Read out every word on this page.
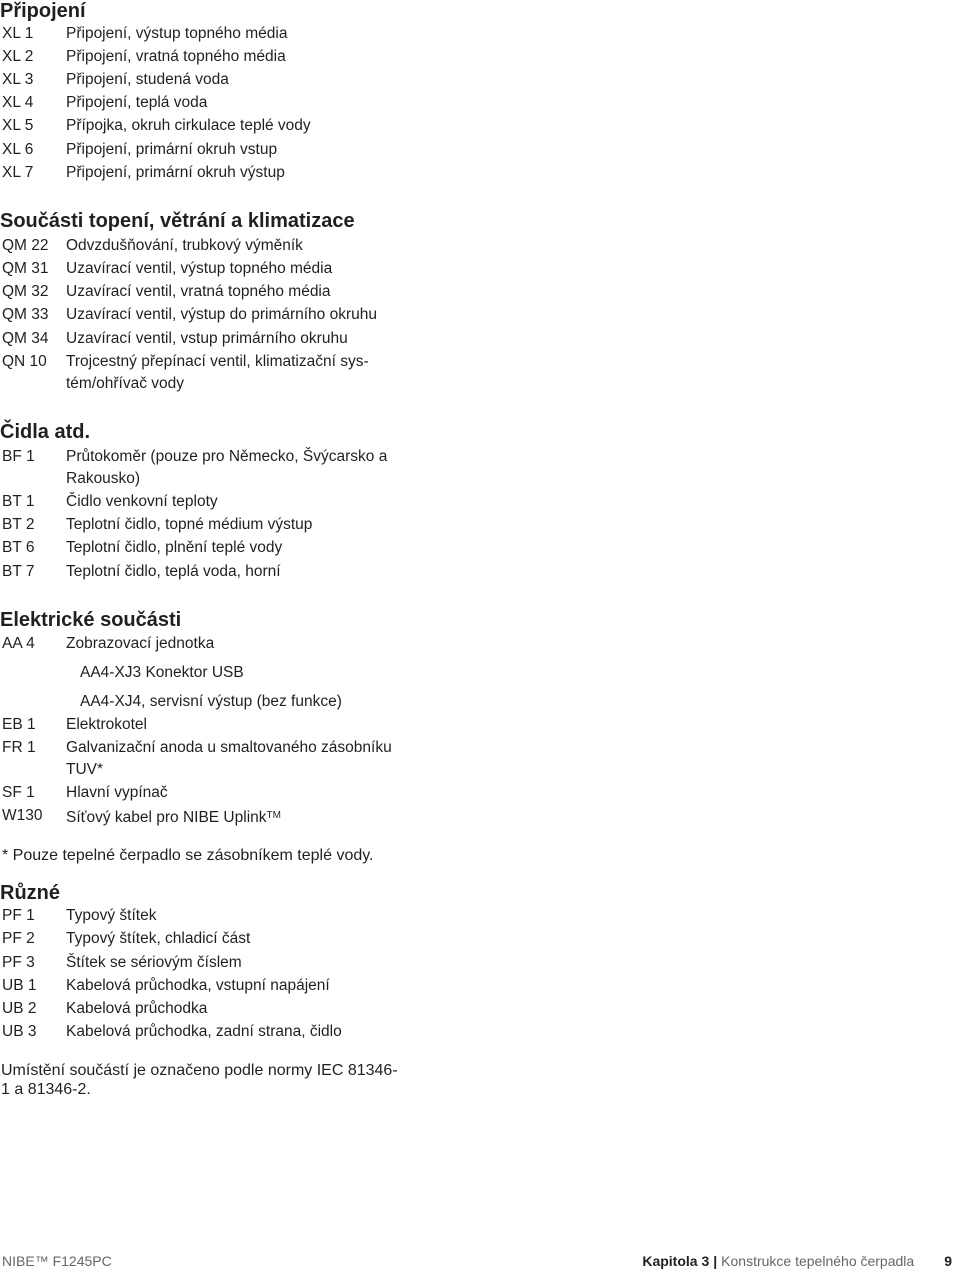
Připojení
XL 1 Připojení, výstup topného média
XL 2 Připojení, vratná topného média
XL 3 Připojení, studená voda
XL 4 Připojení, teplá voda
XL 5 Přípojka, okruh cirkulace teplé vody
XL 6 Připojení, primární okruh vstup
XL 7 Připojení, primární okruh výstup
Součásti topení, větrání a klimatizace
QM 22 Odvzdušňování, trubkový výměník
QM 31 Uzavírací ventil, výstup topného média
QM 32 Uzavírací ventil, vratná topného média
QM 33 Uzavírací ventil, výstup do primárního okruhu
QM 34 Uzavírací ventil, vstup primárního okruhu
QN 10 Trojcestný přepínací ventil, klimatizační sys-
tém/ohřívač vody
Čidla atd.
BF 1 Průtokoměr (pouze pro Německo, Švýcarsko a
Rakousko)
BT 1 Čidlo venkovní teploty
BT 2 Teplotní čidlo, topné médium výstup
BT 6 Teplotní čidlo, plnění teplé vody
BT 7 Teplotní čidlo, teplá voda, horní
Elektrické součásti
AA 4 Zobrazovací jednotka
AA4-XJ3 Konektor USB
AA4-XJ4, servisní výstup (bez funkce)
EB 1 Elektrokotel
FR 1 Galvanizační anoda u smaltovaného zásobníku
TUV*
SF 1 Hlavní vypínač
W130 Síťový kabel pro NIBE Uplink™
* Pouze tepelné čerpadlo se zásobníkem teplé vody.
Různé
PF 1 Typový štítek
PF 2 Typový štítek, chladicí část
PF 3 Štítek se sériovým číslem
UB 1 Kabelová průchodka, vstupní napájení
UB 2 Kabelová průchodka
UB 3 Kabelová průchodka, zadní strana, čidlo

Umístění součástí je označeno podle normy IEC 81346-
1 a 81346-2.

NIBE™ F1245PC	Kapitola 3 | Konstrukce tepelného čerpadla 9
